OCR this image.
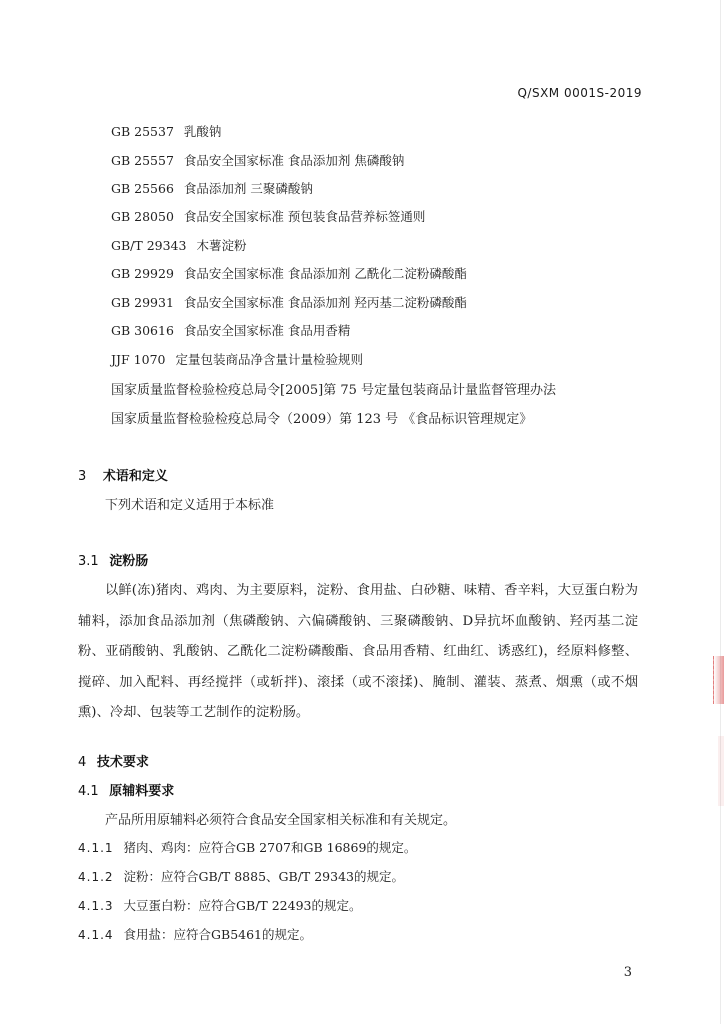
Q/SXM 0001S-2019
GB 25537 乳酸钠
GB 25557 食品安全国家标准 食品添加剂 焦磷酸钠
GB 25566 食品添加剂 三聚磷酸钠
GB 28050 食品安全国家标准 预包装食品营养标签通则
GB/T 29343 木薯淀粉
GB 29929 食品安全国家标准 食品添加剂 乙酰化二淀粉磷酸酯
GB 29931 食品安全国家标准 食品添加剂 羟丙基二淀粉磷酸酯
GB 30616 食品安全国家标准 食品用香精
JJF 1070 定量包装商品净含量计量检验规则
国家质量监督检验检疫总局令[2005]第 75 号定量包装商品计量监督管理办法
国家质量监督检验检疫总局令（2009）第 123 号 《食品标识管理规定》
3 术语和定义
下列术语和定义适用于本标准
3.1 淀粉肠
以鲜(冻)猪肉、鸡肉、为主要原料，淀粉、食用盐、白砂糖、味精、香辛料，大豆蛋白粉为辅料，添加食品添加剂（焦磷酸钠、六偏磷酸钠、三聚磷酸钠、D异抗坏血酸钠、羟丙基二淀粉、亚硝酸钠、乳酸钠、乙酰化二淀粉磷酸酯、食品用香精、红曲红、诱惑红)，经原料修整、搅碎、加入配料、再经搅拌（或斩拌)、滚揉（或不滚揉)、腌制、灌装、蒸煮、烟熏（或不烟熏)、冷却、包装等工艺制作的淀粉肠。
4 技术要求
4.1 原辅料要求
产品所用原辅料必须符合食品安全国家相关标准和有关规定。
4.1.1 猪肉、鸡肉：应符合GB 2707和GB 16869的规定。
4.1.2 淀粉：应符合GB/T 8885、GB/T 29343的规定。
4.1.3 大豆蛋白粉：应符合GB/T 22493的规定。
4.1.4 食用盐：应符合GB5461的规定。
3
